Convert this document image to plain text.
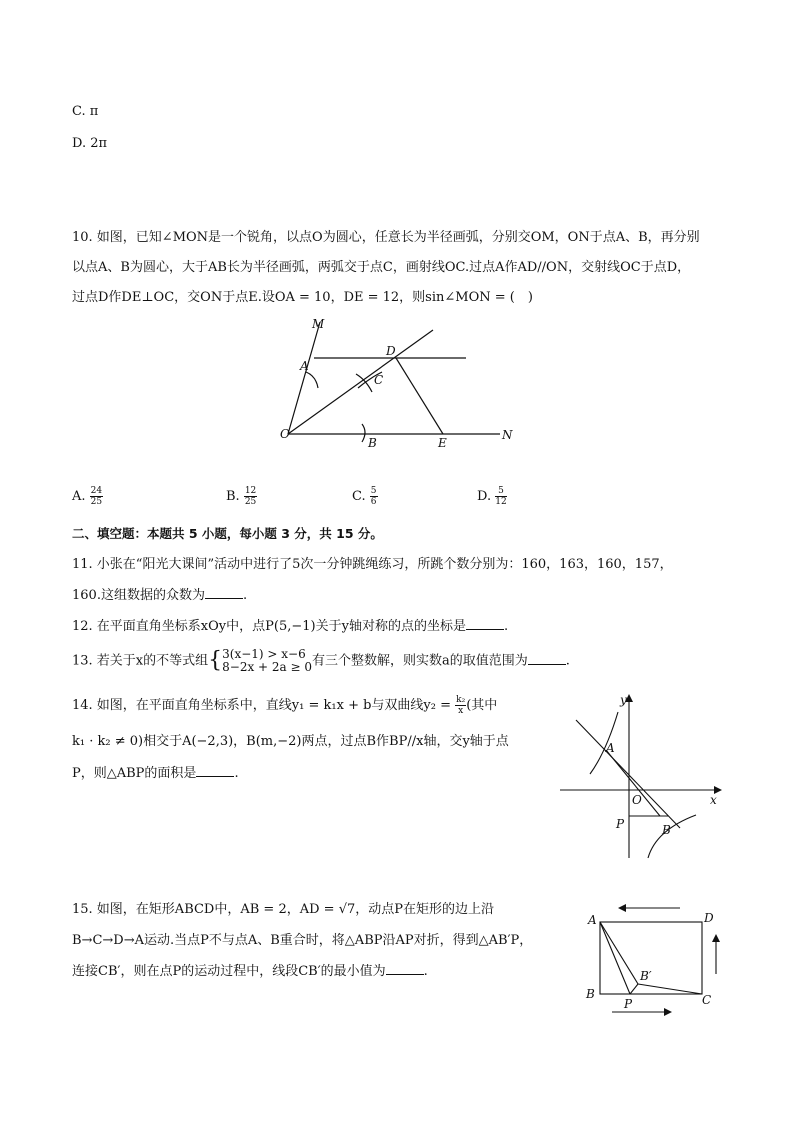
C. π
D. 2π
10. 如图，已知∠MON是一个锐角，以点O为圆心，任意长为半径画弧，分别交OM，ON于点A、B，再分别
以点A、B为圆心，大于AB长为半径画弧，两弧交于点C，画射线OC.过点A作AD//ON，交射线OC于点D，
过点D作DE⊥OC，交ON于点E.设OA = 10，DE = 12，则sin∠MON = (　)
M
A
D
C
O
B	E
N
A. $\frac{24}{25}$	B. $\frac{12}{25}$	C. $\frac{5}{6}$	D. $\frac{5}{12}$
二、填空题：本题共 5 小题，每小题 3 分，共 15 分。
11. 小张在“阳光大课间”活动中进行了5次一分钟跳绳练习，所跳个数分别为：160，163，160，157，
160.这组数据的众数为	.
12. 在平面直角坐标系xOy中，点P(5,−1)关于y轴对称的点的坐标是	.
13. 若关于x的不等式组{ 3(x−1) > x−6
8−2x + 2a ≥ 0 有三个整数解，则实数a的取值范围为	.
14. 如图，在平面直角坐标系中，直线y₁ = k₁x + b与双曲线$y_2 = \frac{\text{k₂}}{x}$ (其中
k₁ · k₂ ≠ 0)相交于A(−2,3)，B(m,−2)两点，过点B作BP//x轴，交y轴于点
P，则△ABP的面积是	.
y
x
A
O
P	B
15. 如图，在矩形ABCD中，AB = 2，AD = √7，动点P在矩形的边上沿
B→C→D→A运动.当点P不与点A、B重合时，将△ABP沿AP对折，得到△AB′P，
连接CB′，则在点P的运动过程中，线段CB′的最小值为	.
A	D
B
P
B′
C
